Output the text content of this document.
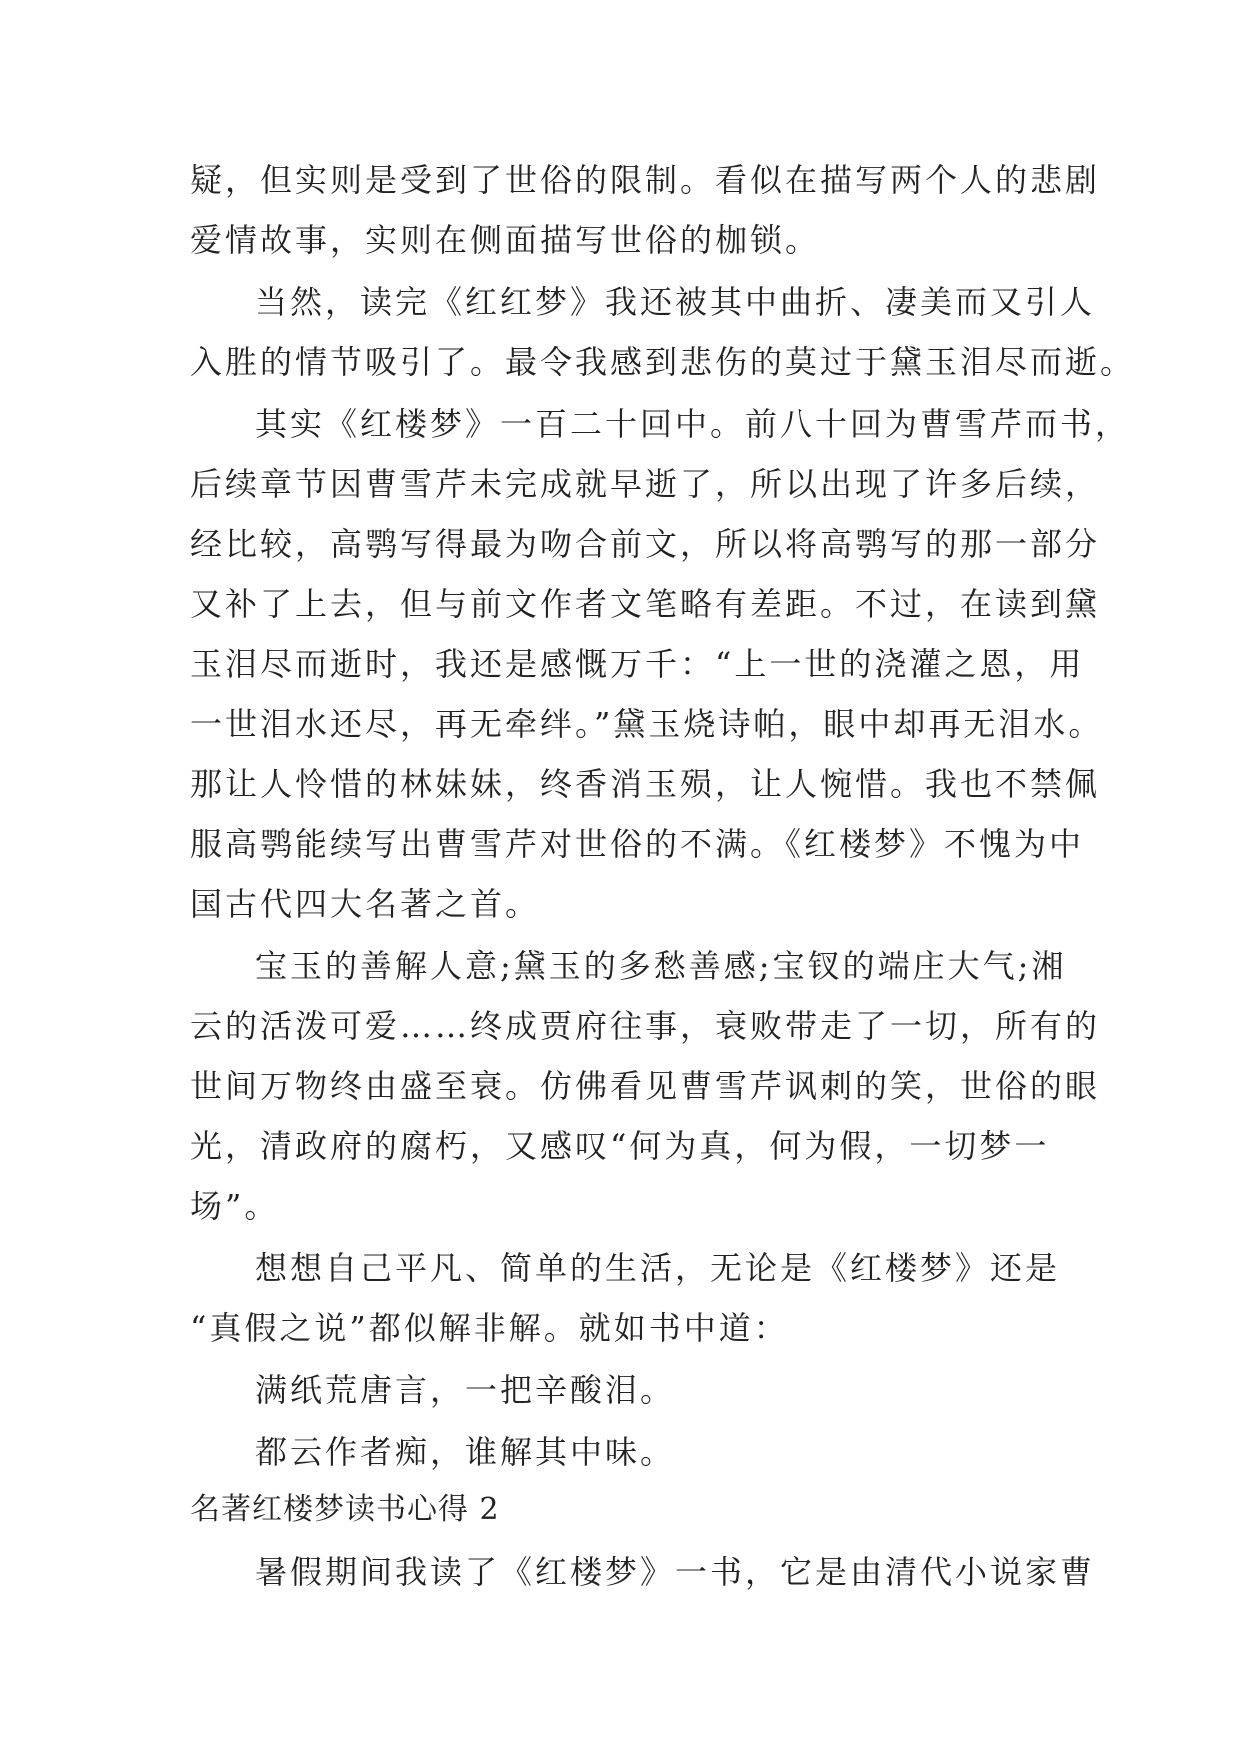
疑，但实则是受到了世俗的限制。看似在描写两个人的悲剧
爱情故事，实则在侧面描写世俗的枷锁。
当然，读完《红红梦》我还被其中曲折、凄美而又引人
入胜的情节吸引了。最令我感到悲伤的莫过于黛玉泪尽而逝。
其实《红楼梦》一百二十回中。前八十回为曹雪芹而书，
后续章节因曹雪芹未完成就早逝了，所以出现了许多后续，
经比较，高鹗写得最为吻合前文，所以将高鹗写的那一部分
又补了上去，但与前文作者文笔略有差距。不过，在读到黛
玉泪尽而逝时，我还是感慨万千：“上一世的浇灌之恩，用
一世泪水还尽，再无牵绊。”黛玉烧诗帕，眼中却再无泪水。
那让人怜惜的林妹妹，终香消玉殒，让人惋惜。我也不禁佩
服高鹗能续写出曹雪芹对世俗的不满。《红楼梦》不愧为中
国古代四大名著之首。
宝玉的善解人意;黛玉的多愁善感;宝钗的端庄大气;湘
云的活泼可爱……终成贾府往事，衰败带走了一切，所有的
世间万物终由盛至衰。仿佛看见曹雪芹讽刺的笑，世俗的眼
光，清政府的腐朽，又感叹“何为真，何为假，一切梦一
场”。
想想自己平凡、简单的生活，无论是《红楼梦》还是
“真假之说”都似解非解。就如书中道：
满纸荒唐言，一把辛酸泪。
都云作者痴，谁解其中味。
名著红楼梦读书心得 2
暑假期间我读了《红楼梦》一书，它是由清代小说家曹
